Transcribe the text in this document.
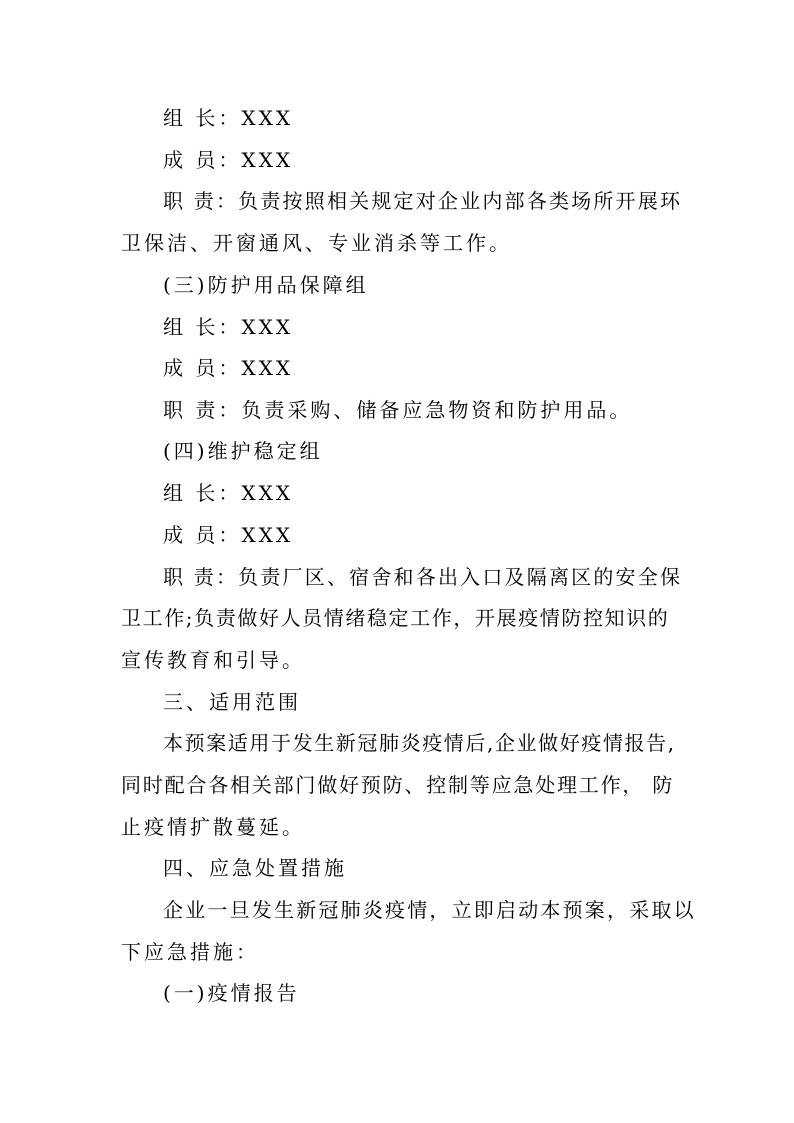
组 长：XXX

成 员：XXX

职 责：负责按照相关规定对企业内部各类场所开展环

卫保洁、开窗通风、专业消杀等工作。

(三)防护用品保障组

组 长：XXX

成 员：XXX

职 责：负责采购、储备应急物资和防护用品。

(四)维护稳定组

组 长：XXX

成 员：XXX

职 责：负责厂区、宿舍和各出入口及隔离区的安全保

卫工作;负责做好人员情绪稳定工作，开展疫情防控知识的

宣传教育和引导。

三、适用范围

本预案适用于发生新冠肺炎疫情后,企业做好疫情报告,

同时配合各相关部门做好预防、控制等应急处理工作， 防

止疫情扩散蔓延。

四、应急处置措施

企业一旦发生新冠肺炎疫情，立即启动本预案，采取以

下应急措施：

(一)疫情报告
